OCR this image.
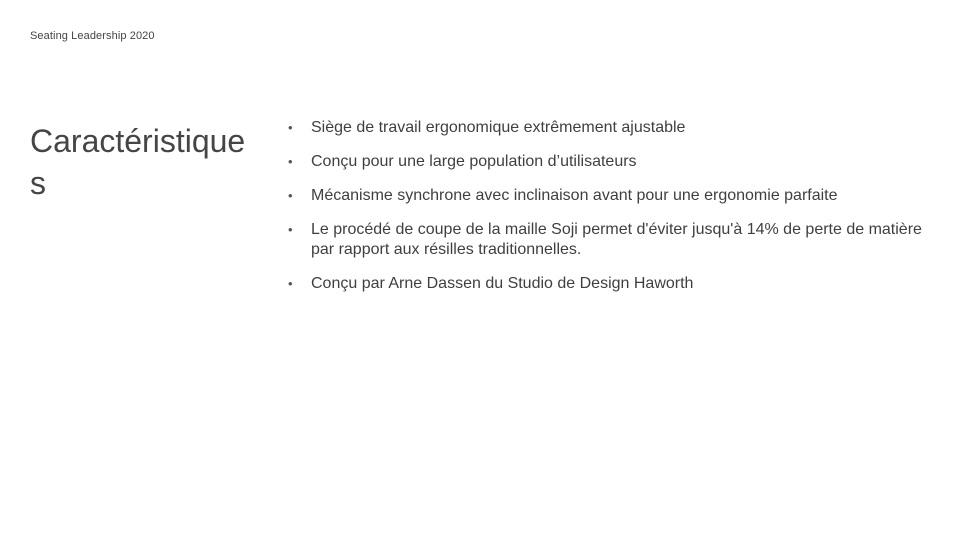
Seating Leadership 2020
Caractéristiques
• Siège de travail ergonomique extrêmement ajustable
• Conçu pour une large population d’utilisateurs
• Mécanisme synchrone avec inclinaison avant pour une ergonomie parfaite
• Le procédé de coupe de la maille Soji permet d'éviter jusqu'à 14% de perte de matière par rapport aux résilles traditionnelles.
• Conçu par Arne Dassen du Studio de Design Haworth
